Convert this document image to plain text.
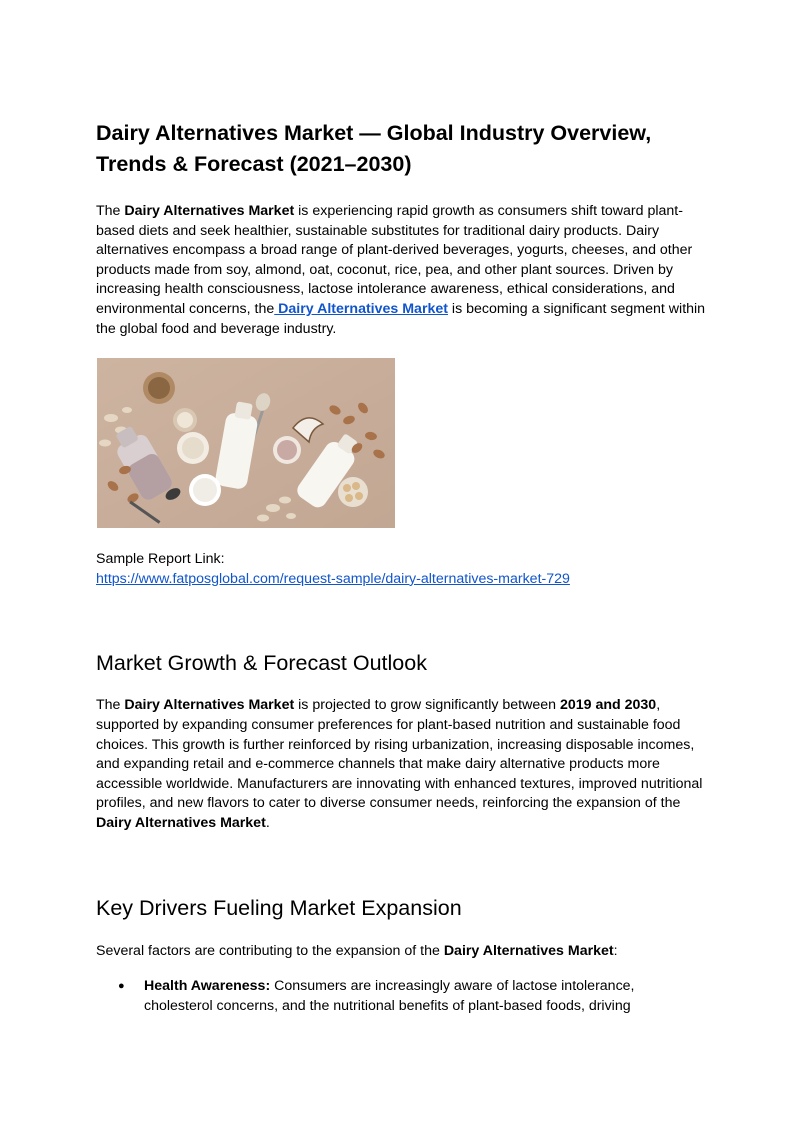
Dairy Alternatives Market — Global Industry Overview, Trends & Forecast (2021–2030)

The Dairy Alternatives Market is experiencing rapid growth as consumers shift toward plant-based diets and seek healthier, sustainable substitutes for traditional dairy products. Dairy alternatives encompass a broad range of plant-derived beverages, yogurts, cheeses, and other products made from soy, almond, oat, coconut, rice, pea, and other plant sources. Driven by increasing health consciousness, lactose intolerance awareness, ethical considerations, and environmental concerns, the Dairy Alternatives Market is becoming a significant segment within the global food and beverage industry.

Sample Report Link:

https://www.fatposglobal.com/request-sample/dairy-alternatives-market-729

Market Growth & Forecast Outlook

The Dairy Alternatives Market is projected to grow significantly between 2019 and 2030, supported by expanding consumer preferences for plant-based nutrition and sustainable food choices. This growth is further reinforced by rising urbanization, increasing disposable incomes, and expanding retail and e-commerce channels that make dairy alternative products more accessible worldwide. Manufacturers are innovating with enhanced textures, improved nutritional profiles, and new flavors to cater to diverse consumer needs, reinforcing the expansion of the Dairy Alternatives Market.

Key Drivers Fueling Market Expansion

Several factors are contributing to the expansion of the Dairy Alternatives Market:

● Health Awareness: Consumers are increasingly aware of lactose intolerance, cholesterol concerns, and the nutritional benefits of plant-based foods, driving
